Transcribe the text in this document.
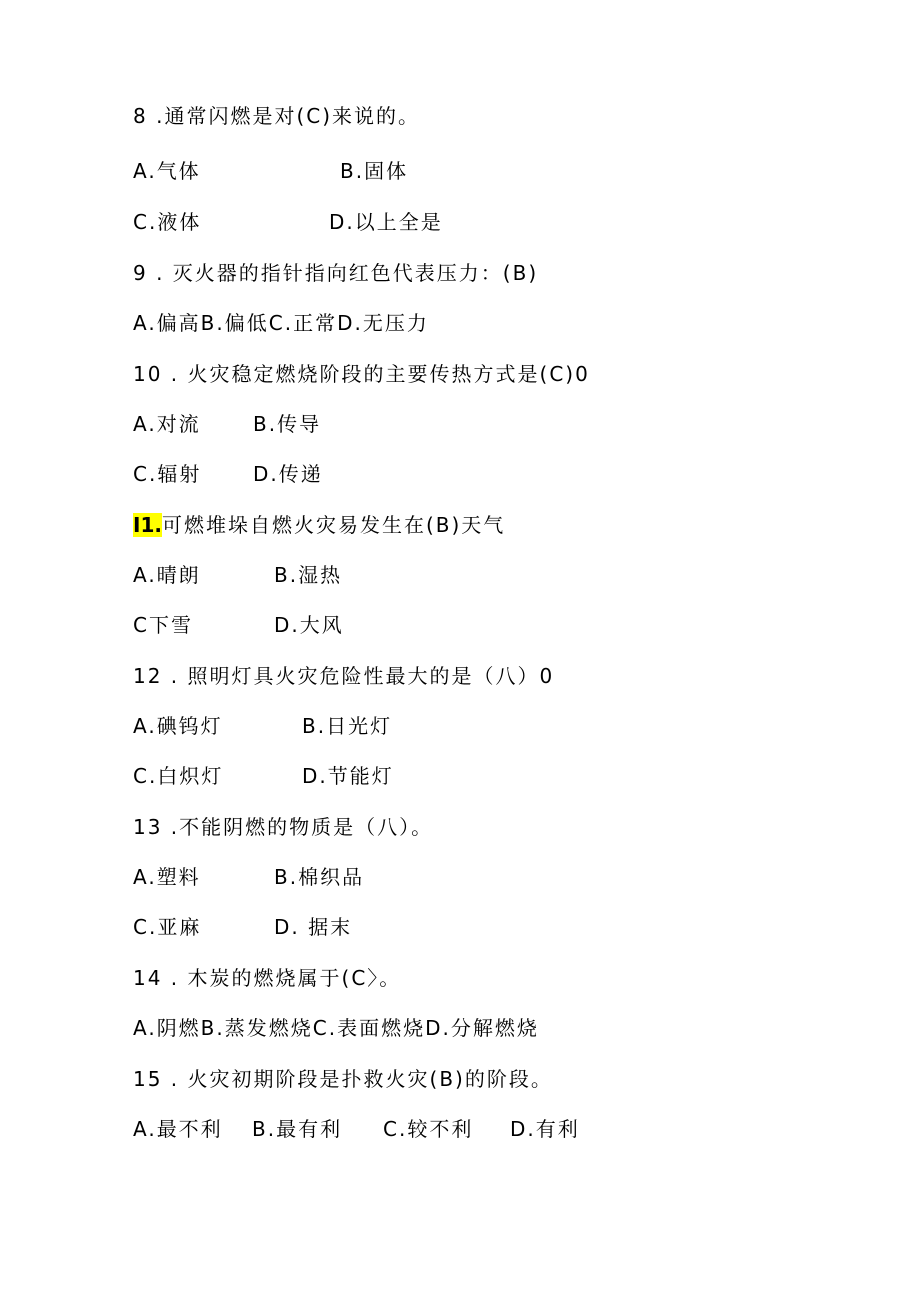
8 .通常闪燃是对(C)来说的。
A.气体	B.固体
C.液体	D.以上全是
9 . 灭火器的指针指向红色代表压力：(B)
A.偏高B.偏低C.正常D.无压力
10 . 火灾稳定燃烧阶段的主要传热方式是(C)0
A.对流	B.传导
C.辐射	D.传递
I1.可燃堆垛自燃火灾易发生在(B)天气
A.晴朗	B.湿热
C下雪	D.大风
12 . 照明灯具火灾危险性最大的是（八）0
A.碘钨灯	B.日光灯
C.白炽灯	D.节能灯
13 .不能阴燃的物质是（八）。
A.塑料	B.棉织品
C.亚麻	D. 据末
14 . 木炭的燃烧属于(C〉。
A.阴燃B.蒸发燃烧C.表面燃烧D.分解燃烧
15 . 火灾初期阶段是扑救火灾(B)的阶段。
A.最不利 B.最有利 C.较不利 D.有利
